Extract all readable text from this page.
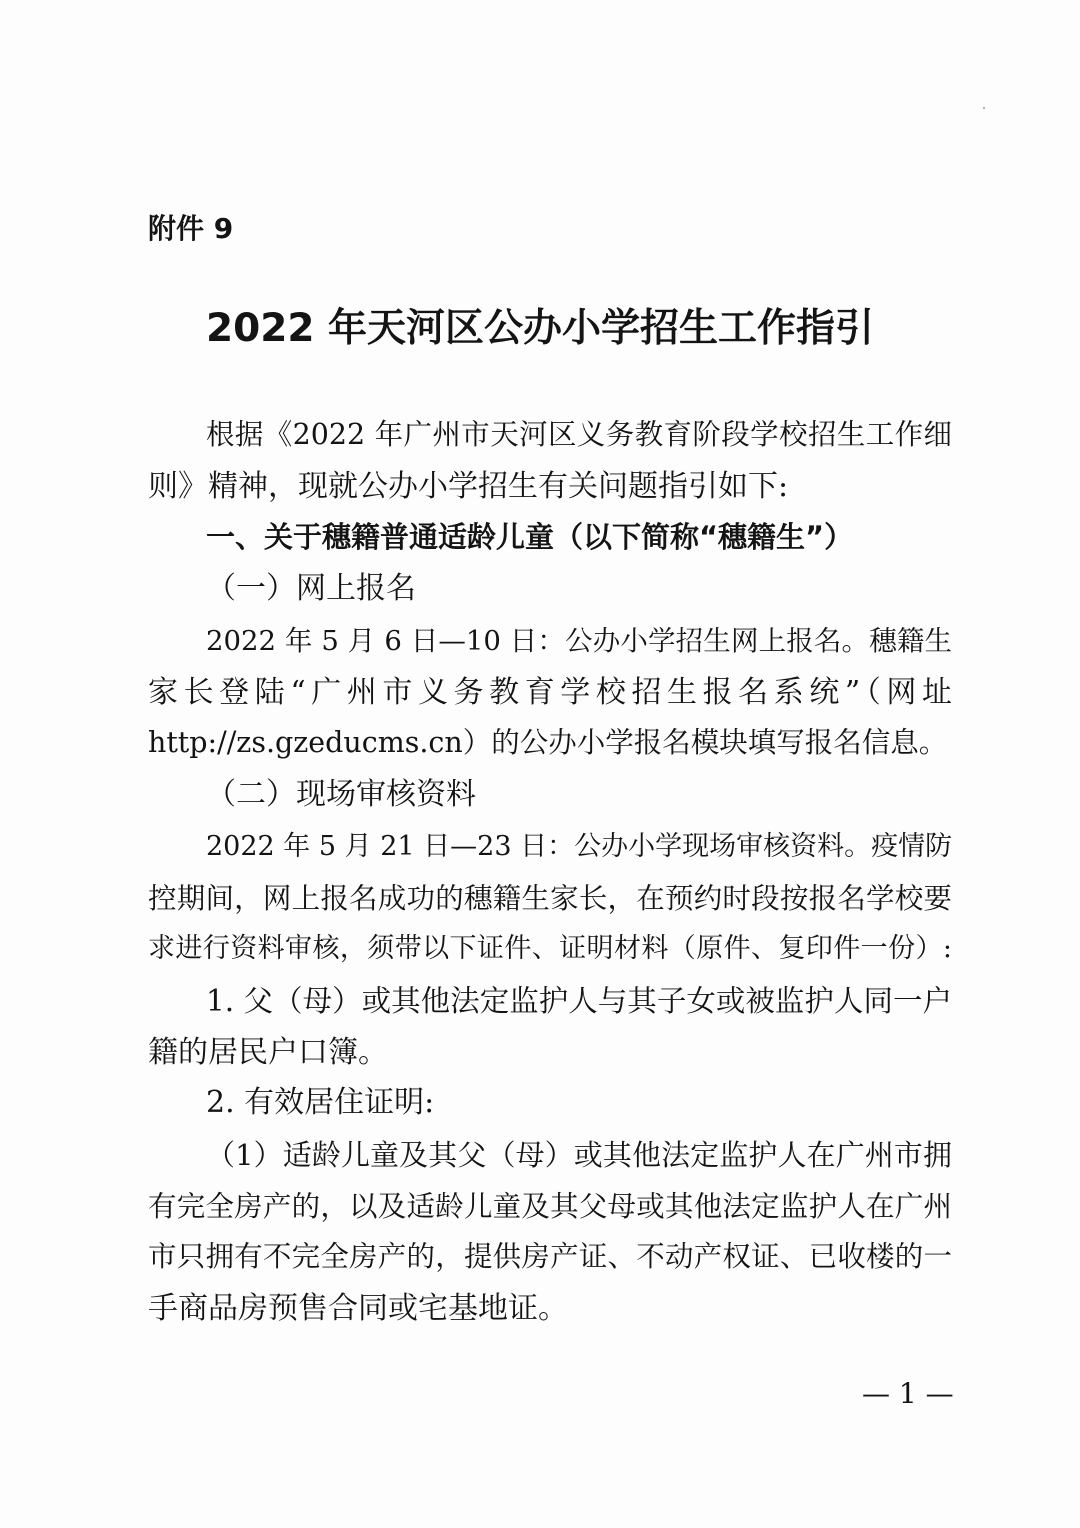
附件 9
2022 年天河区公办小学招生工作指引
根据《2022 年广州市天河区义务教育阶段学校招生工作细
则》精神，现就公办小学招生有关问题指引如下:
一、关于穗籍普通适龄儿童（以下简称“穗籍生”）
（一）网上报名
2022 年 5 月 6 日—10 日：公办小学招生网上报名。穗籍生
家长登陆“广州市义务教育学校招生报名系统”（网址
http://zs.gzeducms.cn）的公办小学报名模块填写报名信息。
（二）现场审核资料
2022 年 5 月 21 日—23 日：公办小学现场审核资料。疫情防
控期间，网上报名成功的穗籍生家长，在预约时段按报名学校要
求进行资料审核，须带以下证件、证明材料（原件、复印件一份）:
1. 父（母）或其他法定监护人与其子女或被监护人同一户
籍的居民户口簿。
2. 有效居住证明:
（1）适龄儿童及其父（母）或其他法定监护人在广州市拥
有完全房产的，以及适龄儿童及其父母或其他法定监护人在广州
市只拥有不完全房产的，提供房产证、不动产权证、已收楼的一
手商品房预售合同或宅基地证。
— 1 —
